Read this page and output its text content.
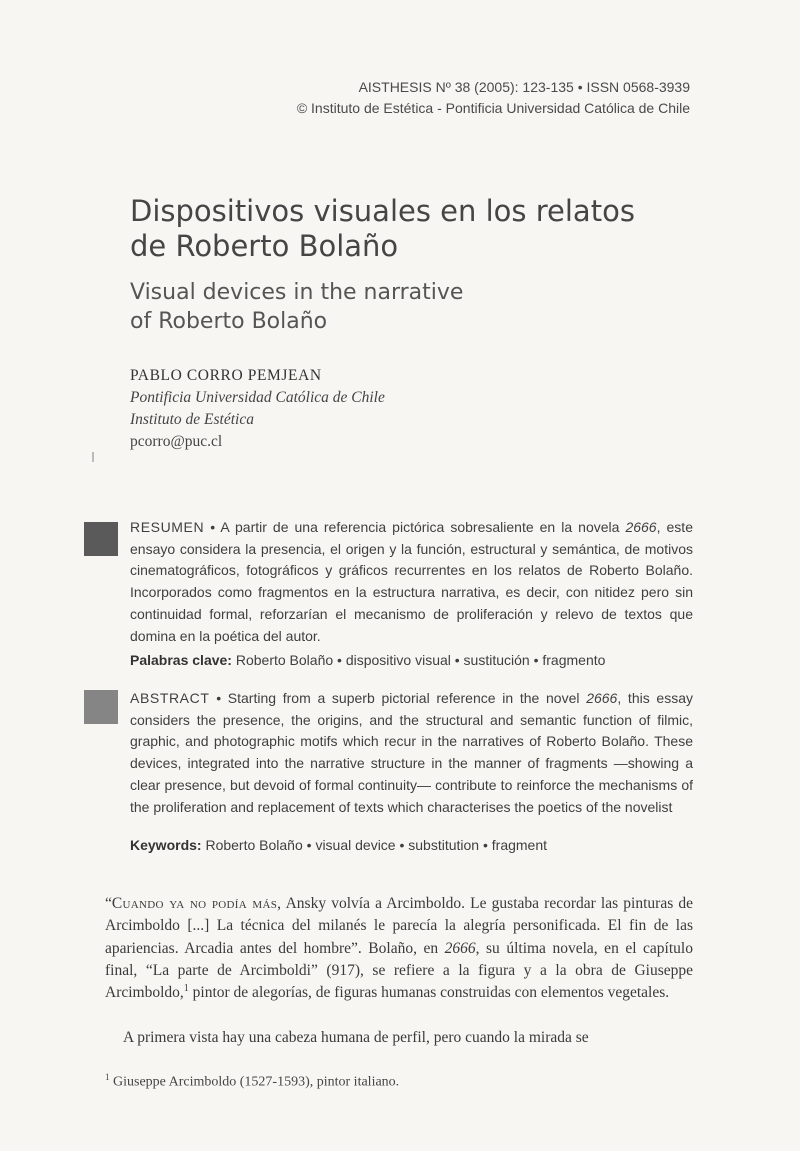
AISTHESIS Nº 38 (2005): 123-135 • ISSN 0568-3939
© Instituto de Estética - Pontificia Universidad Católica de Chile
Dispositivos visuales en los relatos
de Roberto Bolaño
Visual devices in the narrative
of Roberto Bolaño
PABLO CORRO PEMJEAN
Pontificia Universidad Católica de Chile
Instituto de Estética
pcorro@puc.cl
RESUMEN • A partir de una referencia pictórica sobresaliente en la novela 2666, este ensayo considera la presencia, el origen y la función, estructural y semántica, de motivos cinematográficos, fotográficos y gráficos recurrentes en los relatos de Roberto Bolaño. Incorporados como fragmentos en la estructura narrativa, es decir, con nitidez pero sin continuidad formal, reforzarían el mecanismo de proliferación y relevo de textos que domina en la poética del autor.
Palabras clave: Roberto Bolaño • dispositivo visual • sustitución • fragmento
ABSTRACT • Starting from a superb pictorial reference in the novel 2666, this essay considers the presence, the origins, and the structural and semantic function of filmic, graphic, and photographic motifs which recur in the narratives of Roberto Bolaño. These devices, integrated into the narrative structure in the manner of fragments —showing a clear presence, but devoid of formal continuity— contribute to reinforce the mechanisms of the proliferation and replacement of texts which characterises the poetics of the novelist
Keywords: Roberto Bolaño • visual device • substitution • fragment
“Cuando ya no podía más, Ansky volvía a Arcimboldo. Le gustaba recordar las pinturas de Arcimboldo [...] La técnica del milanés le parecía la alegría personificada. El fin de las apariencias. Arcadia antes del hombre”. Bolaño, en 2666, su última novela, en el capítulo final, “La parte de Arcimboldi” (917), se refiere a la figura y a la obra de Giuseppe Arcimboldo,$^1$ pintor de alegorías, de figuras humanas construidas con elementos vegetales.
A primera vista hay una cabeza humana de perfil, pero cuando la mirada se
$^1$ Giuseppe Arcimboldo (1527-1593), pintor italiano.
